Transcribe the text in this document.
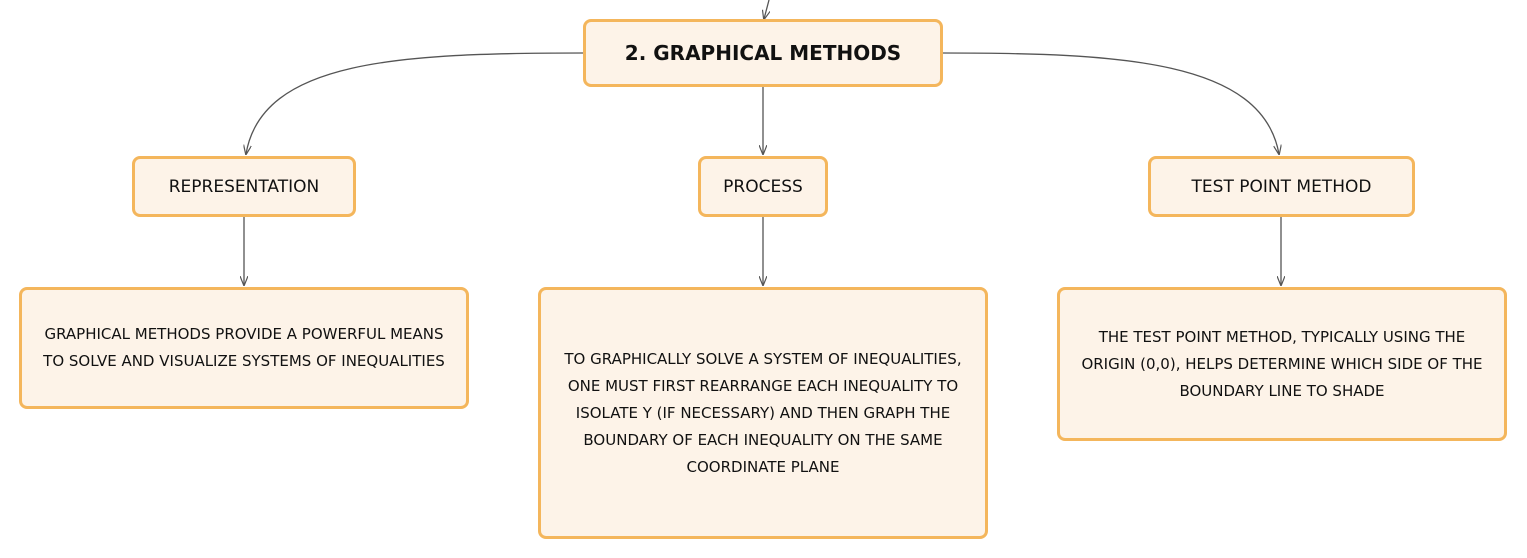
2. GRAPHICAL METHODS
REPRESENTATION	PROCESS	TEST POINT METHOD
GRAPHICAL METHODS PROVIDE A POWERFUL MEANS TO SOLVE AND VISUALIZE SYSTEMS OF INEQUALITIES	TO GRAPHICALLY SOLVE A SYSTEM OF INEQUALITIES, ONE MUST FIRST REARRANGE EACH INEQUALITY TO ISOLATE Y (IF NECESSARY) AND THEN GRAPH THE BOUNDARY OF EACH INEQUALITY ON THE SAME COORDINATE PLANE
THE TEST POINT METHOD, TYPICALLY USING THE ORIGIN (0,0), HELPS DETERMINE WHICH SIDE OF THE BOUNDARY LINE TO SHADE
